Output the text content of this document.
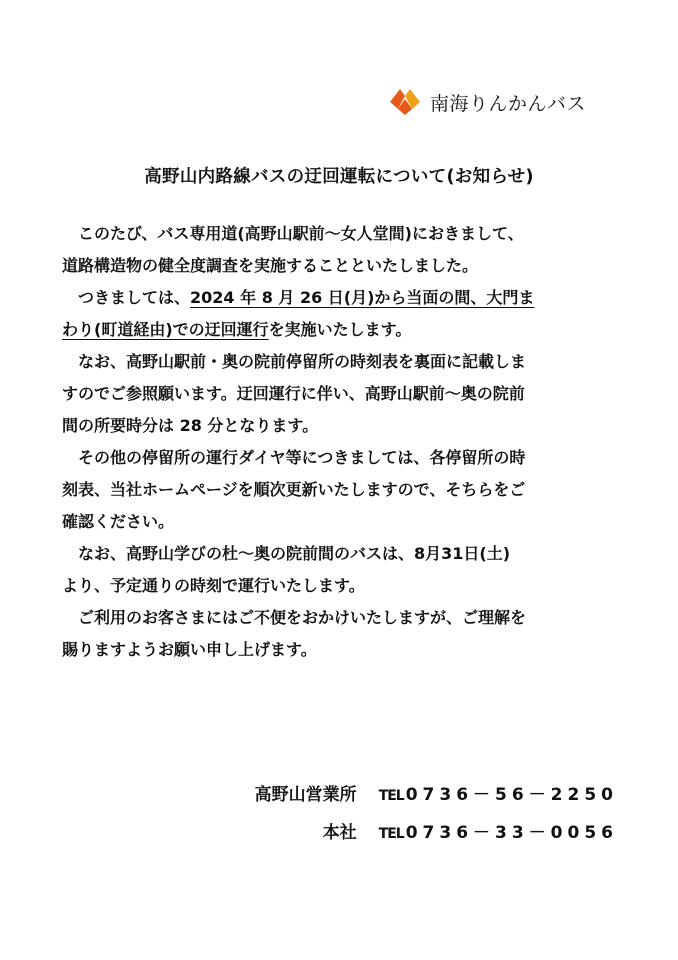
南海りんかんバス
高野山内路線バスの迂回運転について(お知らせ)

このたび、バス専用道(高野山駅前～女人堂間)におきまして、
道路構造物の健全度調査を実施することといたしました。

つきましては、2024 年 8 月 26 日(月)から当面の間、大門ま
わり(町道経由)での迂回運行を実施いたします。

なお、高野山駅前・奥の院前停留所の時刻表を裏面に記載しま
すのでご参照願います。迂回運行に伴い、高野山駅前～奥の院前
間の所要時分は 28 分となります。

その他の停留所の運行ダイヤ等につきましては、各停留所の時
刻表、当社ホームページを順次更新いたしますので、そちらをご
確認ください。

なお、高野山学びの杜～奥の院前間のバスは、8月31日(土)
より、予定通りの時刻で運行いたします。

ご利用のお客さまにはご不便をおかけいたしますが、ご理解を
賜りますようお願い申し上げます。

高野山営業所 TEL 0736－56－2250
本社 TEL 0736－33－0056
